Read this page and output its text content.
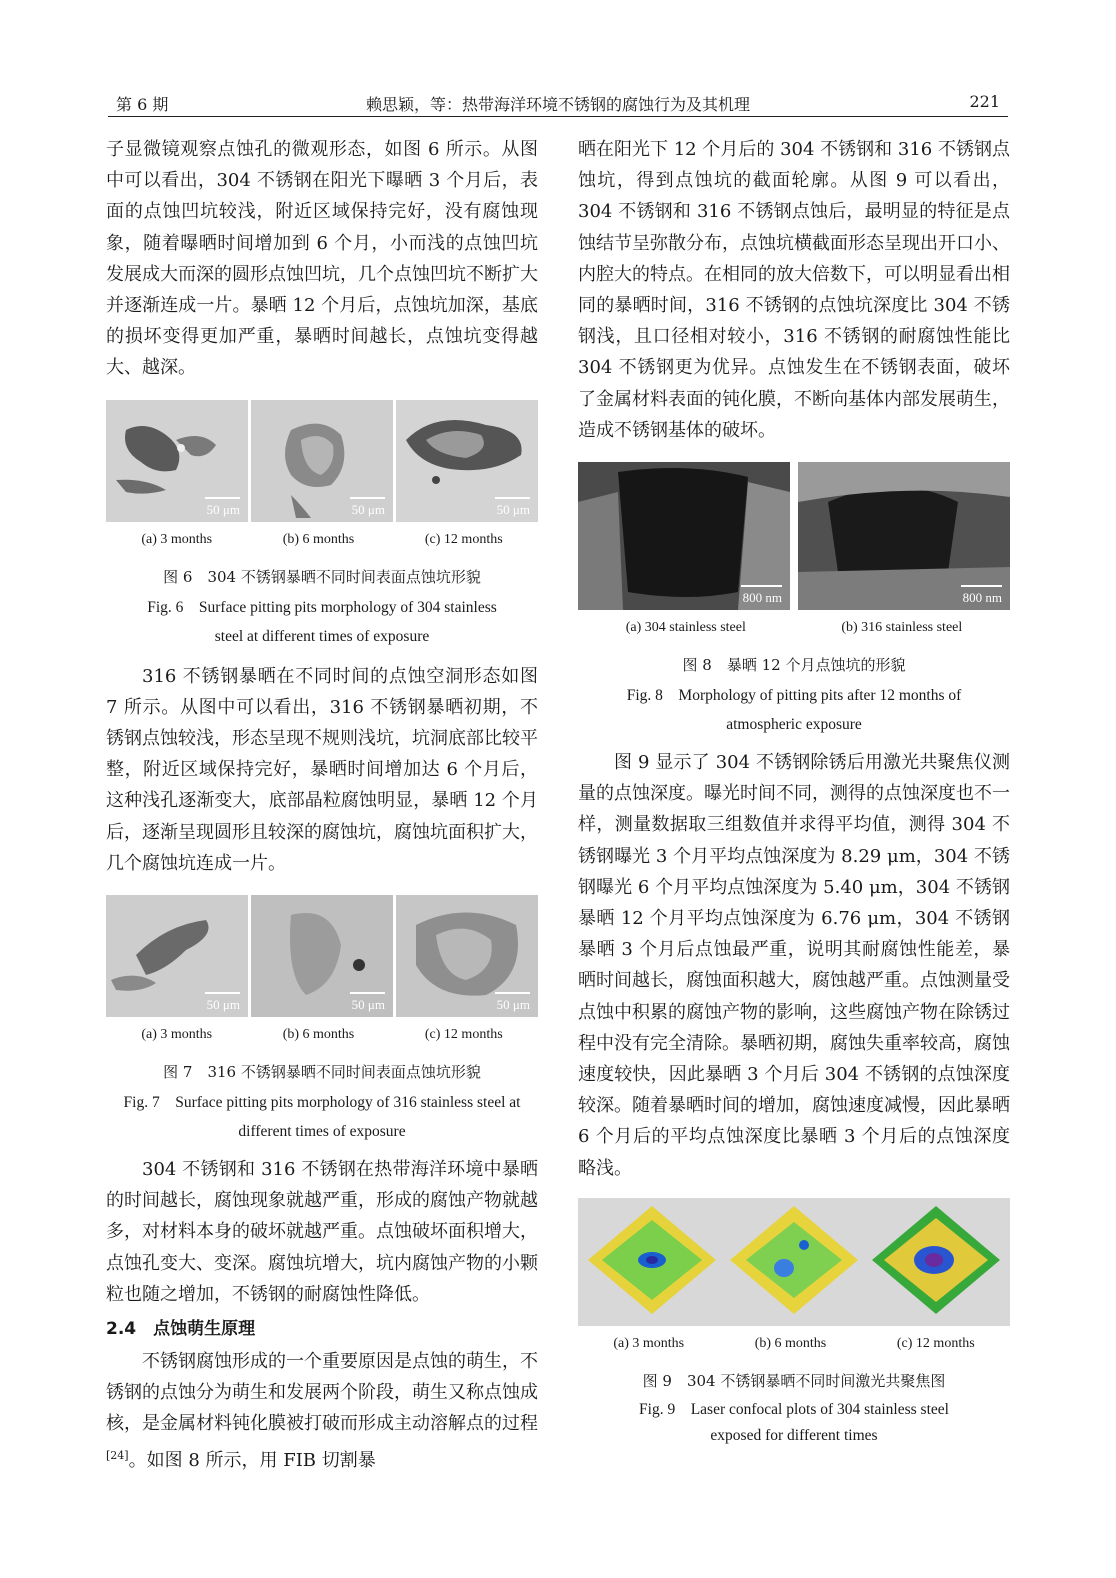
第 6 期	赖思颖，等：热带海洋环境不锈钢的腐蚀行为及其机理	221

子显微镜观察点蚀孔的微观形态，如图 6 所示。从图中可以看出，304 不锈钢在阳光下曝晒 3 个月后，表面的点蚀凹坑较浅，附近区域保持完好，没有腐蚀现象，随着曝晒时间增加到 6 个月，小而浅的点蚀凹坑发展成大而深的圆形点蚀凹坑，几个点蚀凹坑不断扩大并逐渐连成一片。暴晒 12 个月后，点蚀坑加深，基底的损坏变得更加严重，暴晒时间越长，点蚀坑变得越大、越深。

50 μm	50 μm	50 μm
(a) 3 months	(b) 6 months	(c) 12 months
图 6　304 不锈钢暴晒不同时间表面点蚀坑形貌
Fig. 6　Surface pitting pits morphology of 304 stainless
steel at different times of exposure

316 不锈钢暴晒在不同时间的点蚀空洞形态如图 7 所示。从图中可以看出，316 不锈钢暴晒初期，不锈钢点蚀较浅，形态呈现不规则浅坑，坑洞底部比较平整，附近区域保持完好，暴晒时间增加达 6 个月后，这种浅孔逐渐变大，底部晶粒腐蚀明显，暴晒 12 个月后，逐渐呈现圆形且较深的腐蚀坑，腐蚀坑面积扩大，几个腐蚀坑连成一片。

50 μm	50 μm	50 μm
(a) 3 months	(b) 6 months	(c) 12 months
图 7　316 不锈钢暴晒不同时间表面点蚀坑形貌
Fig. 7　Surface pitting pits morphology of 316 stainless steel at
different times of exposure

304 不锈钢和 316 不锈钢在热带海洋环境中暴晒的时间越长，腐蚀现象就越严重，形成的腐蚀产物就越多，对材料本身的破坏就越严重。点蚀破坏面积增大，点蚀孔变大、变深。腐蚀坑增大，坑内腐蚀产物的小颗粒也随之增加，不锈钢的耐腐蚀性降低。

2.4　点蚀萌生原理

不锈钢腐蚀形成的一个重要原因是点蚀的萌生，不锈钢的点蚀分为萌生和发展两个阶段，萌生又称点蚀成核，是金属材料钝化膜被打破而形成主动溶解点的过程[24]。如图 8 所示，用 FIB 切割暴

晒在阳光下 12 个月后的 304 不锈钢和 316 不锈钢点蚀坑，得到点蚀坑的截面轮廓。从图 9 可以看出，304 不锈钢和 316 不锈钢点蚀后，最明显的特征是点蚀结节呈弥散分布，点蚀坑横截面形态呈现出开口小、内腔大的特点。在相同的放大倍数下，可以明显看出相同的暴晒时间，316 不锈钢的点蚀坑深度比 304 不锈钢浅，且口径相对较小，316 不锈钢的耐腐蚀性能比 304 不锈钢更为优异。点蚀发生在不锈钢表面，破坏了金属材料表面的钝化膜，不断向基体内部发展萌生，造成不锈钢基体的破坏。

800 nm	800 nm
(a) 304 stainless steel	(b) 316 stainless steel
图 8　暴晒 12 个月点蚀坑的形貌
Fig. 8　Morphology of pitting pits after 12 months of
atmospheric exposure

图 9 显示了 304 不锈钢除锈后用激光共聚焦仪测量的点蚀深度。曝光时间不同，测得的点蚀深度也不一样，测量数据取三组数值并求得平均值，测得 304 不锈钢曝光 3 个月平均点蚀深度为 8.29 μm，304 不锈钢曝光 6 个月平均点蚀深度为 5.40 μm，304 不锈钢暴晒 12 个月平均点蚀深度为 6.76 μm，304 不锈钢暴晒 3 个月后点蚀最严重，说明其耐腐蚀性能差，暴晒时间越长，腐蚀面积越大，腐蚀越严重。点蚀测量受点蚀中积累的腐蚀产物的影响，这些腐蚀产物在除锈过程中没有完全清除。暴晒初期，腐蚀失重率较高，腐蚀速度较快，因此暴晒 3 个月后 304 不锈钢的点蚀深度较深。随着暴晒时间的增加，腐蚀速度减慢，因此暴晒 6 个月后的平均点蚀深度比暴晒 3 个月后的点蚀深度略浅。

(a) 3 months	(b) 6 months	(c) 12 months
图 9　304 不锈钢暴晒不同时间激光共聚焦图
Fig. 9　Laser confocal plots of 304 stainless steel
exposed for different times
